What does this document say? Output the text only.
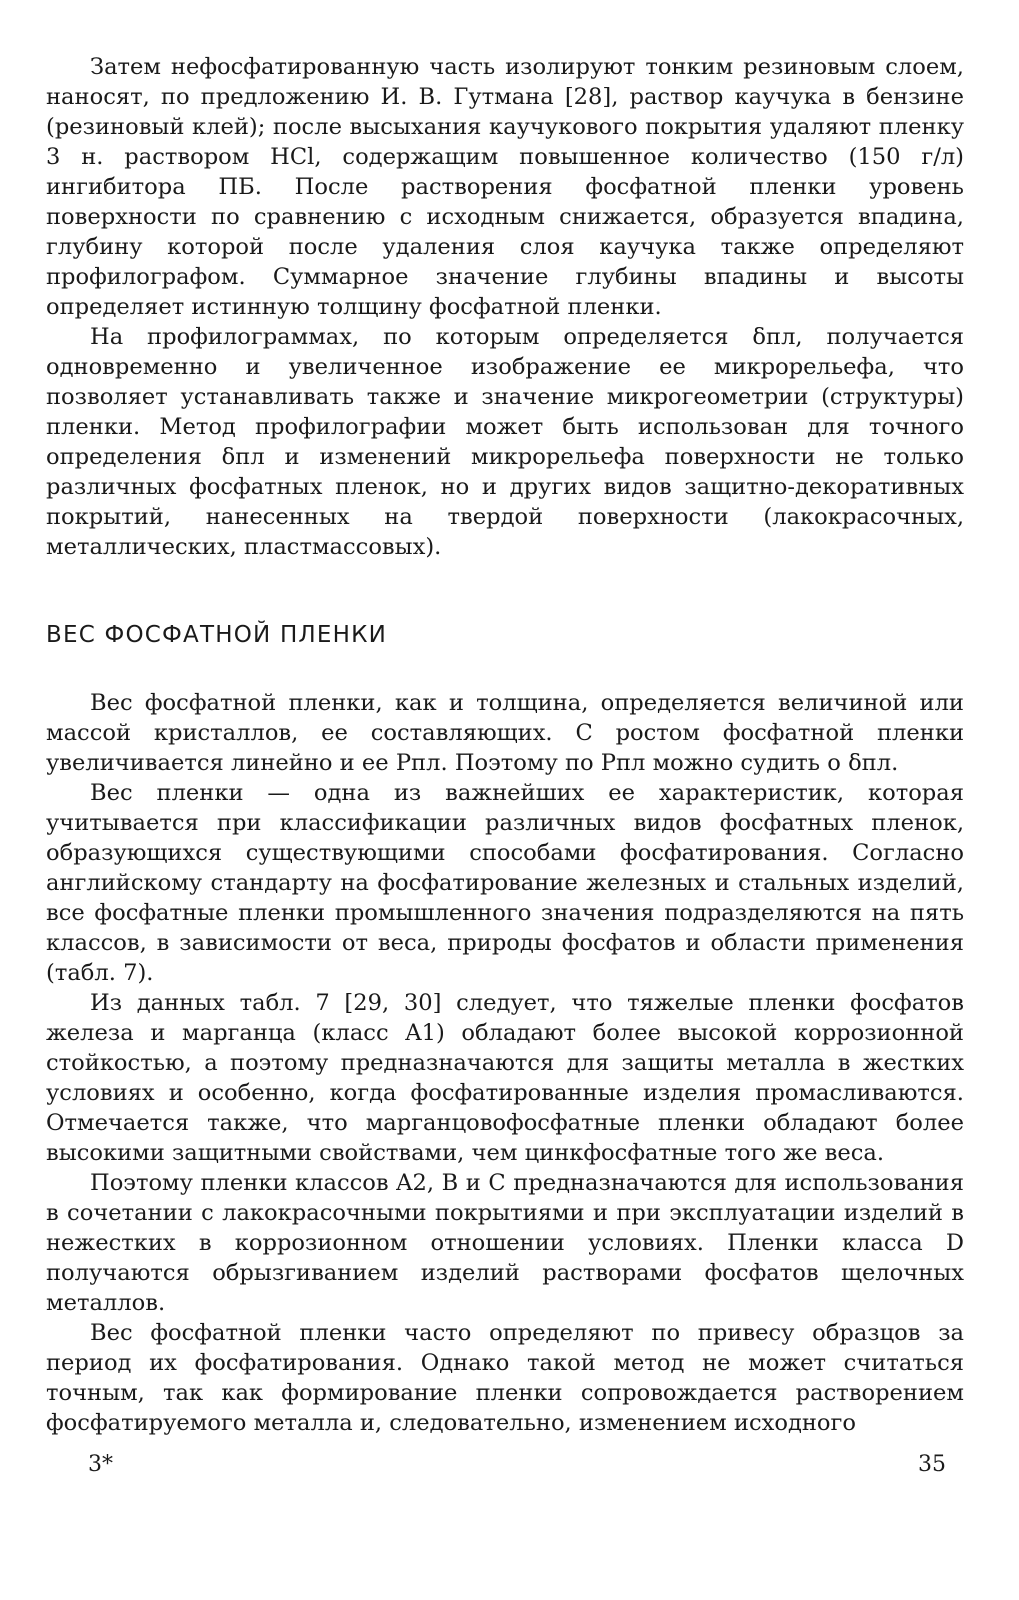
Затем нефосфатированную часть изолируют тонким резиновым слоем, наносят, по предложению И. В. Гутмана [28], раствор каучука в бензине (резиновый клей); после высыхания каучукового покрытия удаляют пленку 3 н. раствором HCl, содержащим повышенное количество (150 г/л) ингибитора ПБ. После растворения фосфатной пленки уровень поверхности по сравнению с исходным снижается, образуется впадина, глубину которой после удаления слоя каучука также определяют профилографом. Суммарное значение глубины впадины и высоты определяет истинную толщину фосфатной пленки.

На профилограммах, по которым определяется δпл, получается одновременно и увеличенное изображение ее микрорельефа, что позволяет устанавливать также и значение микрогеометрии (структуры) пленки. Метод профилографии может быть использован для точного определения δпл и изменений микрорельефа поверхности не только различных фосфатных пленок, но и других видов защитно-декоративных покрытий, нанесенных на твердой поверхности (лакокрасочных, металлических, пластмассовых).

ВЕС ФОСФАТНОЙ ПЛЕНКИ

Вес фосфатной пленки, как и толщина, определяется величиной или массой кристаллов, ее составляющих. С ростом фосфатной пленки увеличивается линейно и ее Pпл. Поэтому по Pпл можно судить о δпл.

Вес пленки — одна из важнейших ее характеристик, которая учитывается при классификации различных видов фосфатных пленок, образующихся существующими способами фосфатирования. Согласно английскому стандарту на фосфатирование железных и стальных изделий, все фосфатные пленки промышленного значения подразделяются на пять классов, в зависимости от веса, природы фосфатов и области применения (табл. 7).

Из данных табл. 7 [29, 30] следует, что тяжелые пленки фосфатов железа и марганца (класс A1) обладают более высокой коррозионной стойкостью, а поэтому предназначаются для защиты металла в жестких условиях и особенно, когда фосфатированные изделия промасливаются. Отмечается также, что марганцовофосфатные пленки обладают более высокими защитными свойствами, чем цинкфосфатные того же веса.

Поэтому пленки классов A2, B и C предназначаются для использования в сочетании с лакокрасочными покрытиями и при эксплуатации изделий в нежестких в коррозионном отношении условиях. Пленки класса D получаются обрызгиванием изделий растворами фосфатов щелочных металлов.

Вес фосфатной пленки часто определяют по привесу образцов за период их фосфатирования. Однако такой метод не может считаться точным, так как формирование пленки сопровождается растворением фосфатируемого металла и, следовательно, изменением исходного

3*	35
